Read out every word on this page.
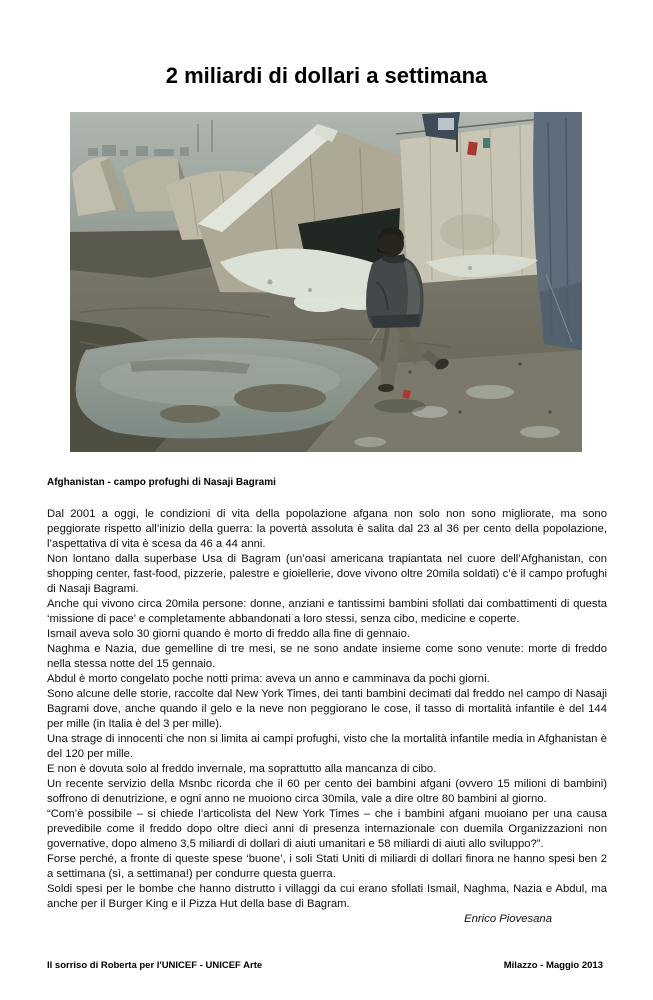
2 miliardi di dollari a settimana
Afghanistan - campo profughi di Nasaji Bagrami

Dal 2001 a oggi, le condizioni di vita della popolazione afgana non solo non sono migliorate, ma sono peggiorate rispetto all’inizio della guerra: la povertà assoluta è salita dal 23 al 36 per cento della popolazione, l’aspettativa di vita è scesa da 46 a 44 anni.

Non lontano dalla superbase Usa di Bagram (un’oasi americana trapiantata nel cuore dell’Afghanistan, con shopping center, fast-food, pizzerie, palestre e gioiellerie, dove vivono oltre 20mila soldati) c’è il campo profughi di Nasaji Bagrami.

Anche qui vivono circa 20mila persone: donne, anziani e tantissimi bambini sfollati dai combattimenti di questa ‘missione di pace’ e completamente abbandonati a loro stessi, senza cibo, medicine e coperte.

Ismail aveva solo 30 giorni quando è morto di freddo alla fine di gennaio.

Naghma e Nazia, due gemelline di tre mesi, se ne sono andate insieme come sono venute: morte di freddo nella stessa notte del 15 gennaio.

Abdul è morto congelato poche notti prima: aveva un anno e camminava da pochi giorni.

Sono alcune delle storie, raccolte dal New York Times, dei tanti bambini decimati dal freddo nel campo di Nasaji Bagrami dove, anche quando il gelo e la neve non peggiorano le cose, il tasso di mortalità infantile è del 144 per mille (in Italia è del 3 per mille).

Una strage di innocenti che non si limita ai campi profughi, visto che la mortalità infantile media in Afghanistan è del 120 per mille.

E non è dovuta solo al freddo invernale, ma soprattutto alla mancanza di cibo.

Un recente servizio della Msnbc ricorda che il 60 per cento dei bambini afgani (ovvero 15 milioni di bambini) soffrono di denutrizione, e ogni anno ne muoiono circa 30mila, vale a dire oltre 80 bambini al giorno.

“Com’è possibile – si chiede l’articolista del New York Times – che i bambini afgani muoiano per una causa prevedibile come il freddo dopo oltre dieci anni di presenza internazionale con duemila Organizzazioni non governative, dopo almeno 3,5 miliardi di dollari di aiuti umanitari e 58 miliardi di aiuti allo sviluppo?”.

Forse perché, a fronte di queste spese ‘buone’, i soli Stati Uniti di miliardi di dollari finora ne hanno spesi ben 2 a settimana (sì, a settimana!) per condurre questa guerra.

Soldi spesi per le bombe che hanno distrutto i villaggi da cui erano sfollati Ismail, Naghma, Nazia e Abdul, ma anche per il Burger King e il Pizza Hut della base di Bagram.

Enrico Piovesana

Il sorriso di Roberta per l'UNICEF - UNICEF Arte	Milazzo - Maggio 2013
